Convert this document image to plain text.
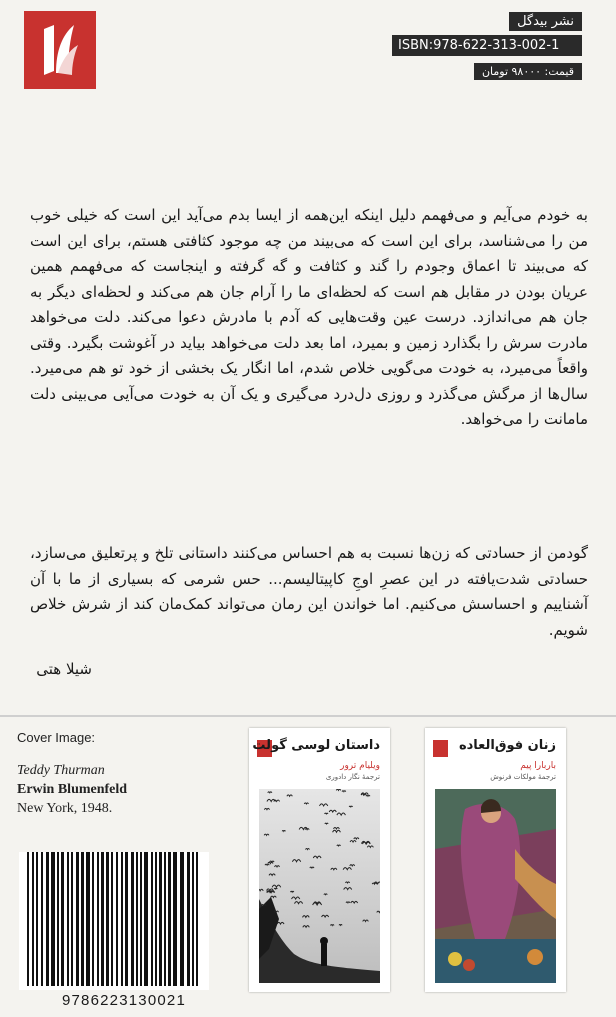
نشر بیدگل
ISBN:978-622-313-002-1
قیمت: ۹۸۰۰۰ تومان
به خودم می‌آیم و می‌فهمم دلیل اینکه این‌همه از ایسا بدم می‌آید این است که خیلی خوب من را می‌شناسد، برای این است که می‌بیند من چه موجود کثافتی هستم، برای این است که می‌بیند تا اعماق وجودم را گند و کثافت و گه گرفته و اینجاست که می‌فهمم همین عریان بودن در مقابل هم است که لحظه‌ای ما را آرام جان هم می‌کند و لحظه‌ای دیگر به جان هم می‌اندازد. درست عین وقت‌هایی که آدم با مادرش دعوا می‌کند. دلت می‌خواهد مادرت سرش را بگذارد زمین و بمیرد، اما بعد دلت می‌خواهد بیاید در آغوشت بگیرد. وقتی واقعاً می‌میرد، به خودت می‌گویی خلاص شدم، اما انگار یک بخشی از خود تو هم می‌میرد. سال‌ها از مرگش می‌گذرد و روزی دل‌درد می‌گیری و یک آن به خودت می‌آیی می‌بینی دلت مامانت را می‌خواهد.
گودمن از حسادتی که زن‌ها نسبت به هم احساس می‌کنند داستانی تلخ و پرتعلیق می‌سازد، حسادتی شدت‌یافته در این عصرِ اوجِ کاپیتالیسم... حس شرمی که بسیاری از ما با آن آشناییم و احساسش می‌کنیم. اما خواندن این رمان می‌تواند کمک‌مان کند از شرش خلاص شویم.
شیلا هتی
Cover Image:
Teddy Thurman
Erwin Blumenfeld
New York, 1948.
9786223130021
زنان فوق‌العاده
باربارا پیم
ترجمهٔ مولکات فرنوش
داستان لوسی گولت
ویلیام ترور
ترجمهٔ نگار دادوری
